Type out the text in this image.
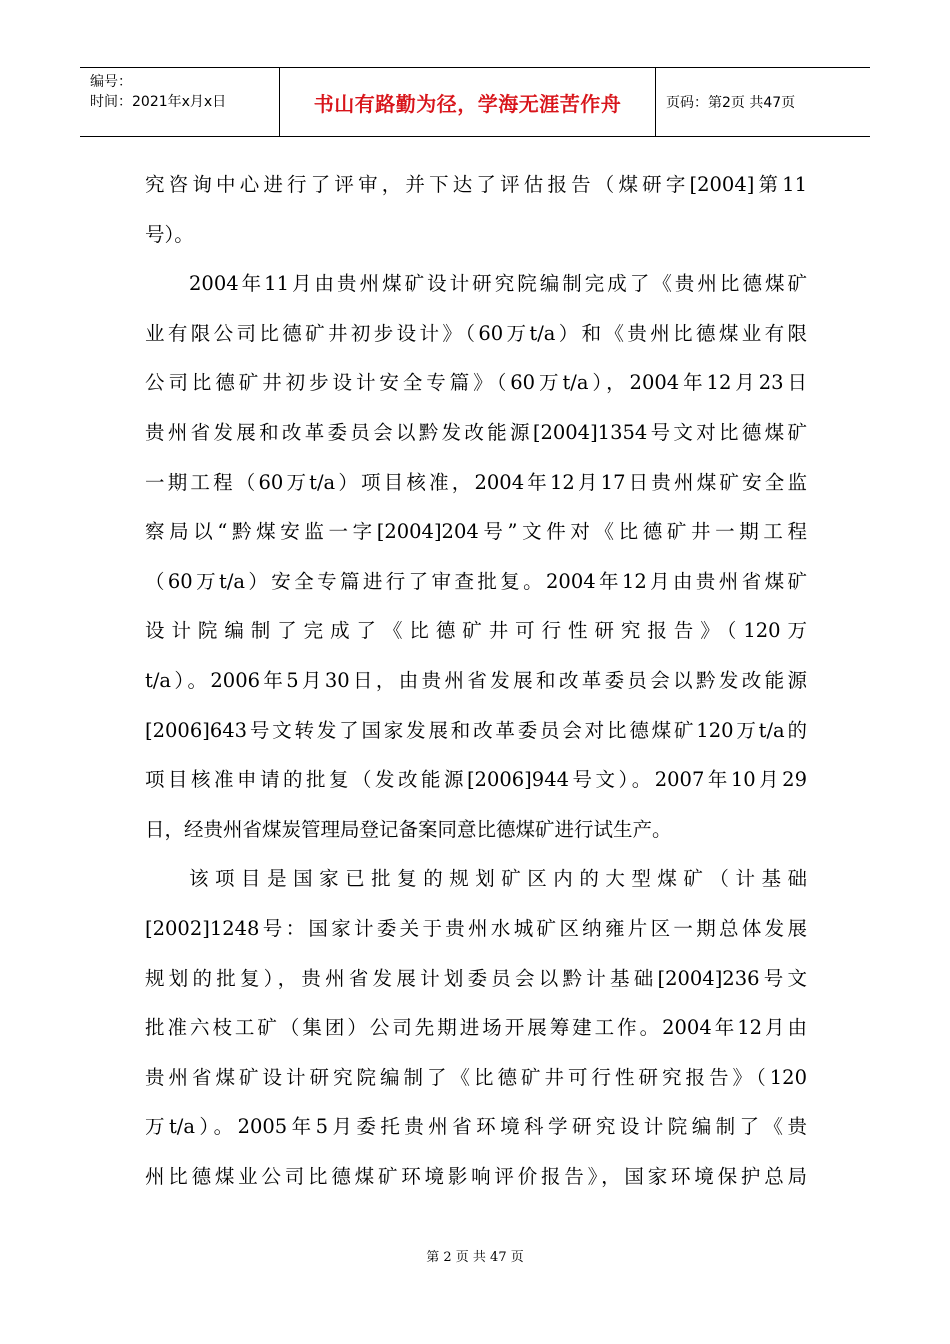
编号：
时间：2021年x月x日	书山有路勤为径，学海无涯苦作舟	页码：第2页 共47页
究咨询中心进行了评审，并下达了评估报告（煤研字[2004]第11
号）。
2004年11月由贵州煤矿设计研究院编制完成了《贵州比德煤矿
业有限公司比德矿井初步设计》（60万t/a）和《贵州比德煤业有限
公司比德矿井初步设计安全专篇》（60万t/a），2004年12月23日
贵州省发展和改革委员会以黔发改能源[2004]1354号文对比德煤矿
一期工程（60万t/a）项目核准，2004年12月17日贵州煤矿安全监
察局以“黔煤安监一字[2004]204号”文件对《比德矿井一期工程
（60万t/a）安全专篇进行了审查批复。2004年12月由贵州省煤矿
设计院编制了完成了《比德矿井可行性研究报告》（120万
t/a）。2006年5月30日，由贵州省发展和改革委员会以黔发改能源
[2006]643号文转发了国家发展和改革委员会对比德煤矿120万t/a的
项目核准申请的批复（发改能源[2006]944号文）。2007年10月29
日，经贵州省煤炭管理局登记备案同意比德煤矿进行试生产。
该项目是国家已批复的规划矿区内的大型煤矿（计基础
[2002]1248号：国家计委关于贵州水城矿区纳雍片区一期总体发展
规划的批复），贵州省发展计划委员会以黔计基础[2004]236号文
批准六枝工矿（集团）公司先期进场开展筹建工作。2004年12月由
贵州省煤矿设计研究院编制了《比德矿井可行性研究报告》（120
万t/a）。2005年5月委托贵州省环境科学研究设计院编制了《贵
州比德煤业公司比德煤矿环境影响评价报告》，国家环境保护总局
第 2 页 共 47 页
